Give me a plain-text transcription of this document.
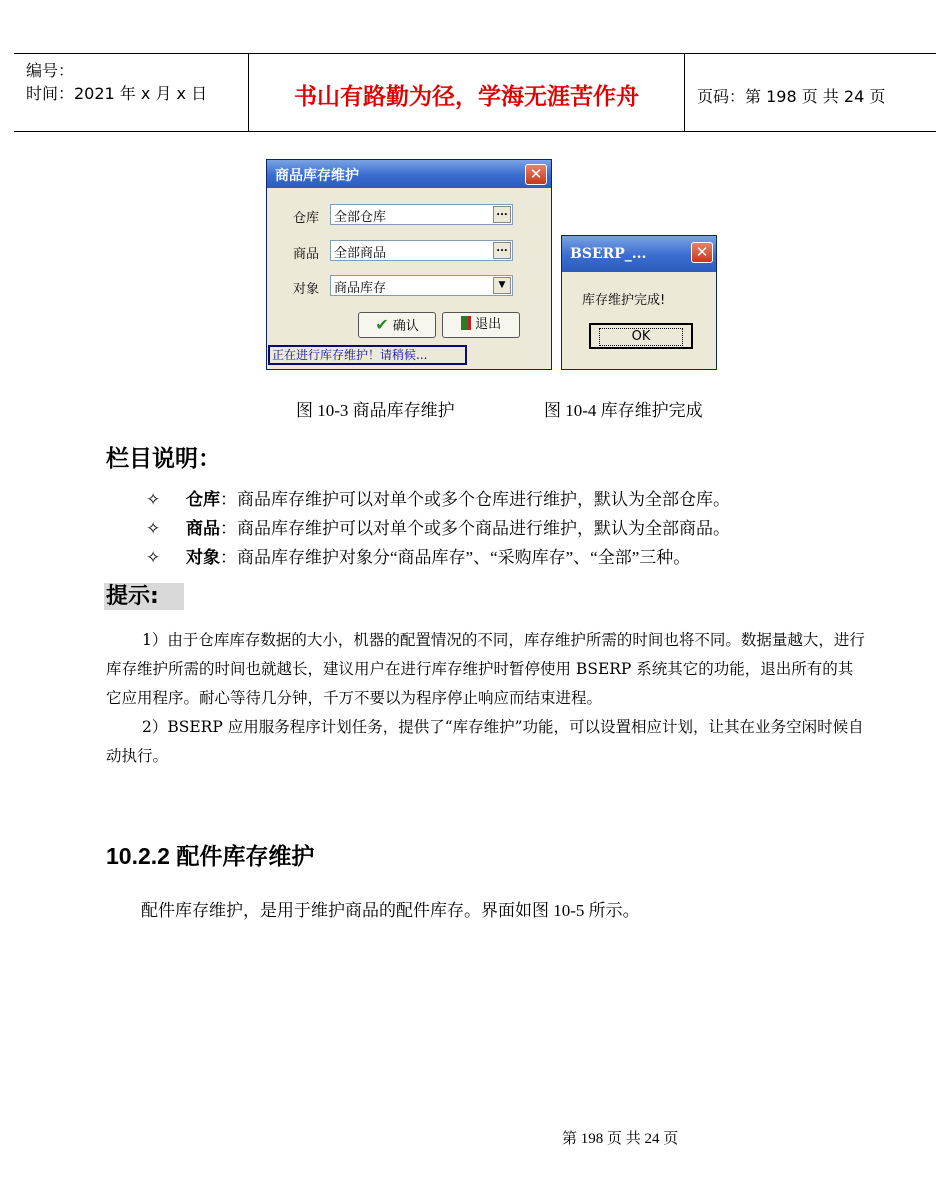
编号：
时间：2021 年 x 月 x 日	书山有路勤为径，学海无涯苦作舟	页码：第 198 页 共 24 页
商品库存维护	✕
仓库	全部仓库	...
商品	全部商品	...
对象	商品库存	▼
✔ 确认	退出
正在进行库存维护！请稍候...
BSERP_...	✕
库存维护完成!
OK
图 10-3 商品库存维护	图 10-4 库存维护完成
栏目说明：
✧ 仓库：商品库存维护可以对单个或多个仓库进行维护，默认为全部仓库。
✧ 商品：商品库存维护可以对单个或多个商品进行维护，默认为全部商品。
✧ 对象：商品库存维护对象分“商品库存”、“采购库存”、“全部”三种。
提示:

1）由于仓库库存数据的大小，机器的配置情况的不同，库存维护所需的时间也将不同。数据量越大，进行库存维护所需的时间也就越长，建议用户在进行库存维护时暂停使用 BSERP 系统其它的功能，退出所有的其它应用程序。耐心等待几分钟，千万不要以为程序停止响应而结束进程。

2）BSERP 应用服务程序计划任务，提供了“库存维护”功能，可以设置相应计划，让其在业务空闲时候自动执行。

10.2.2 配件库存维护
配件库存维护，是用于维护商品的配件库存。界面如图 10-5 所示。
第 198 页 共 24 页
